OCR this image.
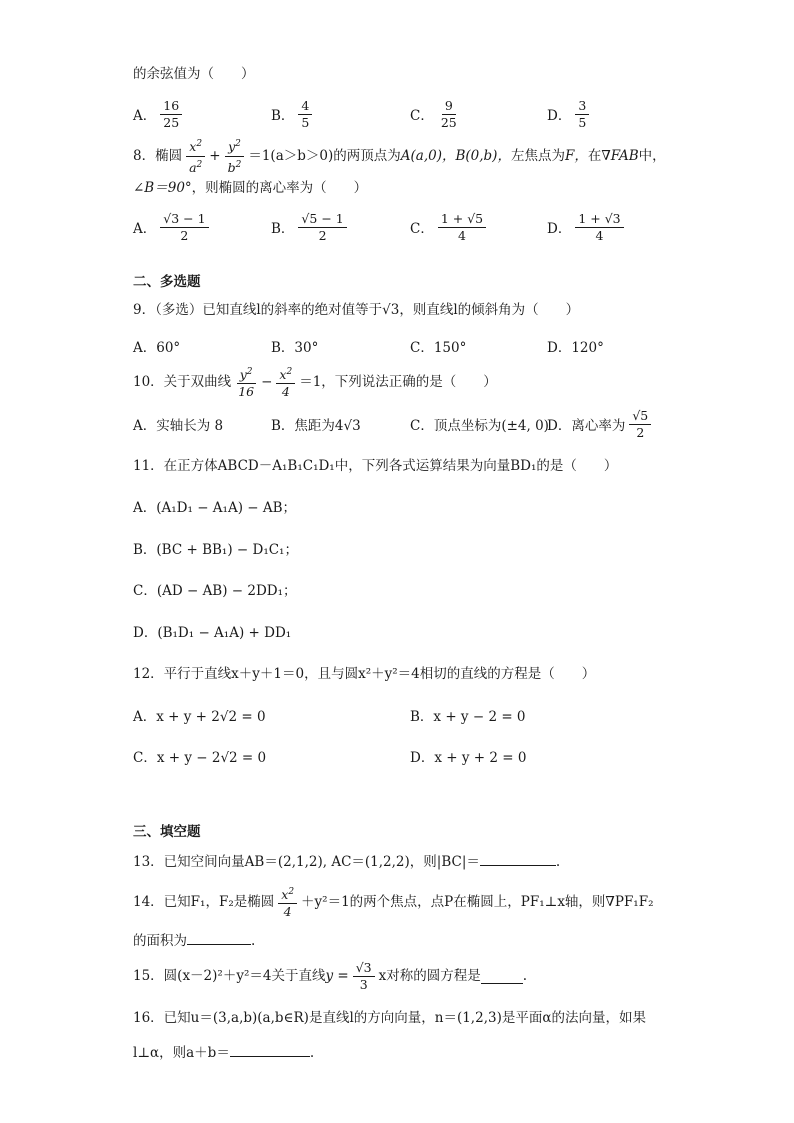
的余弦值为（　　）
A． $\frac{16}{25}$	B． $\frac{4}{5}$	C． $\frac{9}{25}$	D． $\frac{3}{5}$
8． 椭圆 $\frac{x^2}{a^2} + \frac{y^2}{b^2} =1(a>b>0)$ 的两顶点为 A(a,0)， B(0,b)， 左焦点为 F， 在 ∇FAB 中，
∠B＝90°，则椭圆的离心率为（　　）
A． $\frac{√3 - 1}{2}$	B． $\frac{√5 - 1}{2}$	C． $\frac{1 + √5}{4}$	D． $\frac{1 + √3}{4}$
二、多选题
9．（多选）已知直线l的斜率的绝对值等于√3，则直线l的倾斜角为（　　）
A．60°	B．30°	C．150°	D．120°
10．关于双曲线 $\frac{y^2}{16} - \frac{x^2}{4} =1$，下列说法正确的是（　　）
A．实轴长为 8	B．焦距为4√3	C．顶点坐标为(±4, 0)
D．离心率为 $\frac{√5}{2}$
11．在正方体ABCD－A₁B₁C₁D₁中，下列各式运算结果为向量BD₁的是（　　）
A．(A₁D₁ − A₁A) − AB；
B．(BC + BB₁) − D₁C₁；
C．(AD − AB) − 2DD₁；
D．(B₁D₁ − A₁A) + DD₁
12．平行于直线x＋y＋1＝0，且与圆x²＋y²＝4相切的直线的方程是（　　）
A．x + y + 2√2 = 0	B．x + y − 2 = 0
C．x + y − 2√2 = 0	D．x + y + 2 = 0
三、填空题
13．已知空间向量AB＝(2,1,2), AC＝(1,2,2)，则|BC|＝	.
14．已知F₁，F₂是椭圆 $\frac{x^2}{4} +y^2=1$的两个焦点，点P在椭圆上，PF₁⊥x轴，则∇PF₁F₂
的面积为	.
15．圆(x－2)²＋y²＝4关于直线 $y = \frac{√3}{3}$ x对称的圆方程是	.
16．已知u＝(3,a,b)(a,b∈R)是直线l的方向向量，n＝(1,2,3)是平面α的法向量，如果
l⊥α，则a＋b＝	.
